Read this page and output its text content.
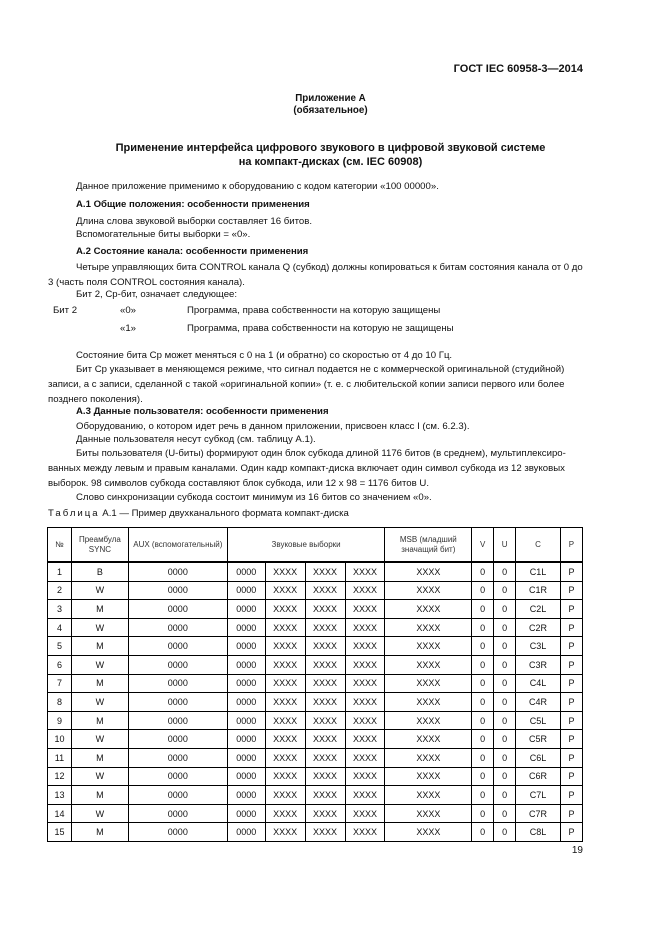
ГОСТ IEC 60958-3—2014
Приложение А
(обязательное)
Применение интерфейса цифрового звукового в цифровой звуковой системе
на компакт-дисках (см. IEC 60908)
Данное приложение применимо к оборудованию с кодом категории «100 00000».
А.1 Общие положения: особенности применения
Длина слова звуковой выборки составляет 16 битов.
Вспомогательные биты выборки = «0».
А.2 Состояние канала: особенности применения

Четыре управляющих бита CONTROL канала Q (субкод) должны копироваться к битам состояния канала от 0 до 3 (часть поля CONTROL состояния канала).

Бит 2, Ср-бит, означает следующее:
Бит 2	«0»	Программа, права собственности на которую защищены
«1»	Программа, права собственности на которую не защищены
Состояние бита Ср может меняться с 0 на 1 (и обратно) со скоростью от 4 до 10 Гц.

Бит Ср указывает в меняющемся режиме, что сигнал подается не с коммерческой оригинальной (студийной) записи, а с записи, сделанной с такой «оригинальной копии» (т. е. с любительской копии записи первого или более позднего поколения).

А.3 Данные пользователя: особенности применения
Оборудованию, о котором идет речь в данном приложении, присвоен класс I (см. 6.2.3).
Данные пользователя несут субкод (см. таблицу А.1).

Биты пользователя (U-биты) формируют один блок субкода длиной 1176 битов (в среднем), мультиплексированных между левым и правым каналами. Один кадр компакт-диска включает один символ субкода из 12 звуковых выборок. 98 символов субкода составляют блок субкода, или 12 x 98 = 1176 битов U.

Слово синхронизации субкода состоит минимум из 16 битов со значением «0».
Таблица А.1 — Пример двухканального формата компакт-диска
№	Преамбула SYNC	AUX (вспомогательный)	Звуковые выборки				MSB (младший значащий бит)	V	U	C	P
1	B	0000	0000	XXXX	XXXX	XXXX	XXXX	0	0	C1L	P
2	W	0000	0000	XXXX	XXXX	XXXX	XXXX	0	0	C1R	P
3	M	0000	0000	XXXX	XXXX	XXXX	XXXX	0	0	C2L	P
4	W	0000	0000	XXXX	XXXX	XXXX	XXXX	0	0	C2R	P
5	M	0000	0000	XXXX	XXXX	XXXX	XXXX	0	0	C3L	P
6	W	0000	0000	XXXX	XXXX	XXXX	XXXX	0	0	C3R	P
7	M	0000	0000	XXXX	XXXX	XXXX	XXXX	0	0	C4L	P
8	W	0000	0000	XXXX	XXXX	XXXX	XXXX	0	0	C4R	P
9	M	0000	0000	XXXX	XXXX	XXXX	XXXX	0	0	C5L	P
10	W	0000	0000	XXXX	XXXX	XXXX	XXXX	0	0	C5R	P
11	M	0000	0000	XXXX	XXXX	XXXX	XXXX	0	0	C6L	P
12	W	0000	0000	XXXX	XXXX	XXXX	XXXX	0	0	C6R	P
13	M	0000	0000	XXXX	XXXX	XXXX	XXXX	0	0	C7L	P
14	W	0000	0000	XXXX	XXXX	XXXX	XXXX	0	0	C7R	P
15	M	0000	0000	XXXX	XXXX	XXXX	XXXX	0	0	C8L	P
19
